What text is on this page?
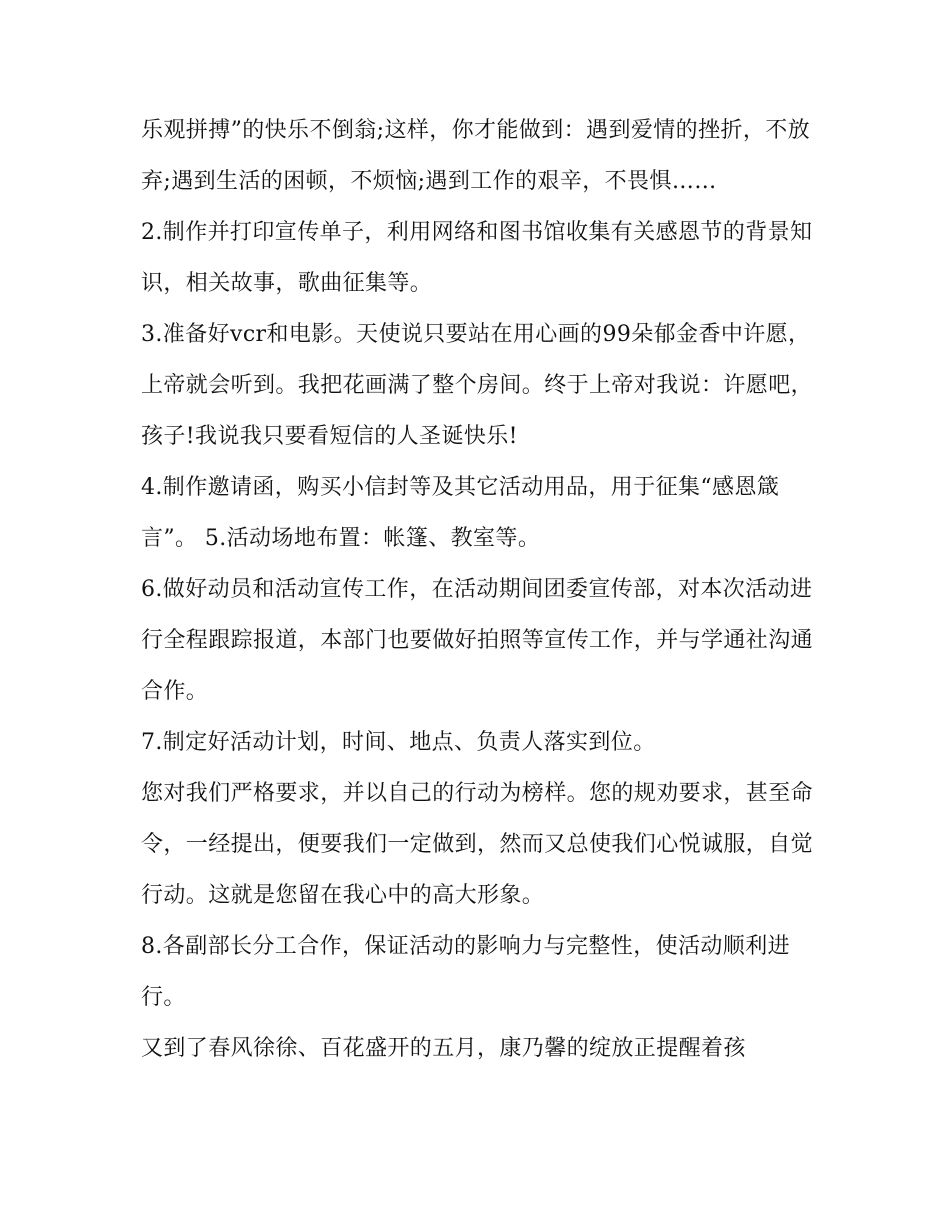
乐观拼搏”的快乐不倒翁;这样，你才能做到：遇到爱情的挫折，不放弃;遇到生活的困顿，不烦恼;遇到工作的艰辛，不畏惧……

2.制作并打印宣传单子，利用网络和图书馆收集有关感恩节的背景知识，相关故事，歌曲征集等。

3.准备好vcr和电影。天使说只要站在用心画的99朵郁金香中许愿，上帝就会听到。我把花画满了整个房间。终于上帝对我说：许愿吧，孩子!我说我只要看短信的人圣诞快乐!

4.制作邀请函，购买小信封等及其它活动用品，用于征集“感恩箴言”。 5.活动场地布置：帐篷、教室等。

6.做好动员和活动宣传工作，在活动期间团委宣传部，对本次活动进行全程跟踪报道，本部门也要做好拍照等宣传工作，并与学通社沟通合作。

7.制定好活动计划，时间、地点、负责人落实到位。

您对我们严格要求，并以自己的行动为榜样。您的规劝要求，甚至命令，一经提出，便要我们一定做到，然而又总使我们心悦诚服，自觉行动。这就是您留在我心中的高大形象。

8.各副部长分工合作，保证活动的影响力与完整性，使活动顺利进行。

又到了春风徐徐、百花盛开的五月，康乃馨的绽放正提醒着孩
